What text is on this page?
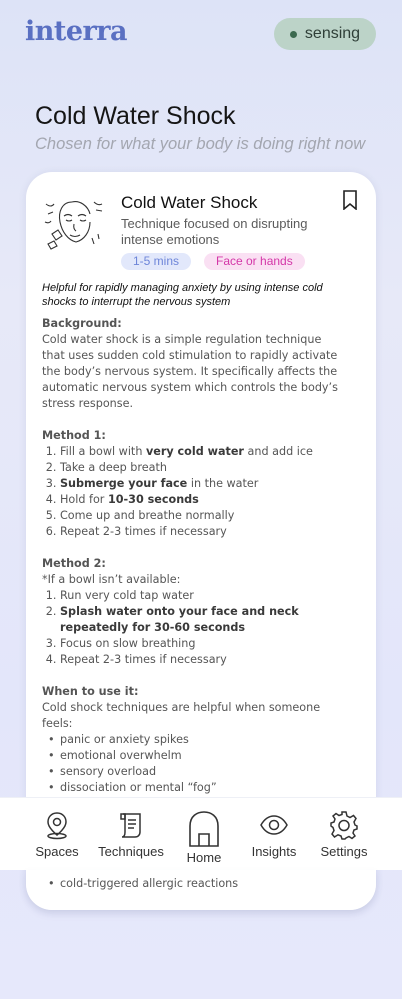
interra	sensing
Cold Water Shock
Chosen for what your body is doing right now
Cold Water Shock
Technique focused on disrupting intense emotions
1-5 mins	Face or hands
Helpful for rapidly managing anxiety by using intense cold shocks to interrupt the nervous system
Background:

Cold water shock is a simple regulation technique that uses sudden cold stimulation to rapidly activate the body’s nervous system. It specifically affects the automatic nervous system which controls the body’s stress response.

Method 1:
1. Fill a bowl with very cold water and add ice
2. Take a deep breath
3. Submerge your face in the water
4. Hold for 10-30 seconds
5. Come up and breathe normally
6. Repeat 2-3 times if necessary
Method 2:

*If a bowl isn’t available:

1. Run very cold tap water
2. Splash water onto your face and neck repeatedly for 30-60 seconds
3. Focus on slow breathing
4. Repeat 2-3 times if necessary
When to use it:

Cold shock techniques are helpful when someone feels:

• panic or anxiety spikes
• emotional overwhelm
• sensory overload
• dissociation or mental “fog”
Spaces Techniques Home Insights Settings
• cold-triggered allergic reactions
